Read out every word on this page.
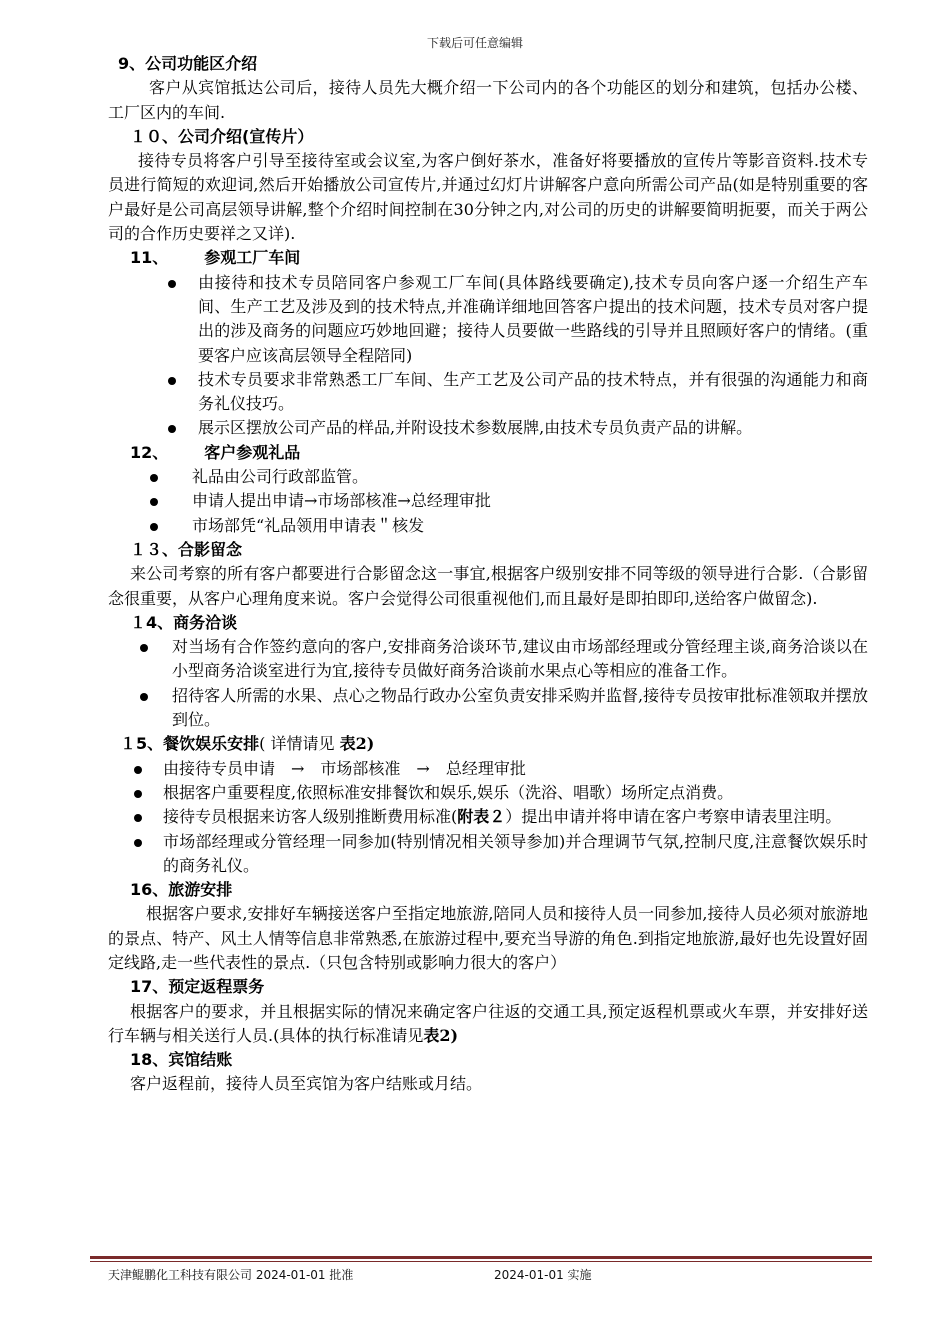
下载后可任意编辑
9、公司功能区介绍

客户从宾馆抵达公司后，接待人员先大概介绍一下公司内的各个功能区的划分和建筑，包括办公楼、工厂区内的车间.

１０、公司介绍(宣传片）

接待专员将客户引导至接待室或会议室,为客户倒好茶水，准备好将要播放的宣传片等影音资料.技术专员进行简短的欢迎词,然后开始播放公司宣传片,并通过幻灯片讲解客户意向所需公司产品(如是特别重要的客户最好是公司高层领导讲解,整个介绍时间控制在30分钟之内,对公司的历史的讲解要简明扼要，而关于两公司的合作历史要祥之又详).

11、 参观工厂车间

由接待和技术专员陪同客户参观工厂车间(具体路线要确定),技术专员向客户逐一介绍生产车间、生产工艺及涉及到的技术特点,并准确详细地回答客户提出的技术问题，技术专员对客户提出的涉及商务的问题应巧妙地回避；接待人员要做一些路线的引导并且照顾好客户的情绪。(重要客户应该高层领导全程陪同)

技术专员要求非常熟悉工厂车间、生产工艺及公司产品的技术特点，并有很强的沟通能力和商务礼仪技巧。

展示区摆放公司产品的样品,并附设技术参数展牌,由技术专员负责产品的讲解。

12、 客户参观礼品

礼品由公司行政部监管。

申请人提出申请→市场部核准→总经理审批

市场部凭“礼品领用申请表＂核发

１３、合影留念

来公司考察的所有客户都要进行合影留念这一事宜,根据客户级别安排不同等级的领导进行合影.（合影留念很重要，从客户心理角度来说。客户会觉得公司很重视他们,而且最好是即拍即印,送给客户做留念).

１4、商务洽谈

对当场有合作签约意向的客户,安排商务洽谈环节,建议由市场部经理或分管经理主谈,商务洽谈以在小型商务洽谈室进行为宜,接待专员做好商务洽谈前水果点心等相应的准备工作。

招待客人所需的水果、点心之物品行政办公室负责安排采购并监督,接待专员按审批标准领取并摆放到位。

１5、餐饮娱乐安排( 详情请见 表2)

由接待专员申请　→　市场部核准　→　总经理审批

根据客户重要程度,依照标准安排餐饮和娱乐,娱乐（洗浴、唱歌）场所定点消费。

接待专员根据来访客人级别推断费用标准(附表２）提出申请并将申请在客户考察申请表里注明。

市场部经理或分管经理一同参加(特别情况相关领导参加)并合理调节气氛,控制尺度,注意餐饮娱乐时的商务礼仪。

16、旅游安排

根据客户要求,安排好车辆接送客户至指定地旅游,陪同人员和接待人员一同参加,接待人员必须对旅游地的景点、特产、风土人情等信息非常熟悉,在旅游过程中,要充当导游的角色.到指定地旅游,最好也先设置好固定线路,走一些代表性的景点.（只包含特别或影响力很大的客户）

17、预定返程票务

根据客户的要求，并且根据实际的情况来确定客户往返的交通工具,预定返程机票或火车票，并安排好送行车辆与相关送行人员.(具体的执行标准请见表2)

18、宾馆结账

客户返程前，接待人员至宾馆为客户结账或月结。

天津鲲鹏化工科技有限公司 2024-01-01 批准	2024-01-01 实施
